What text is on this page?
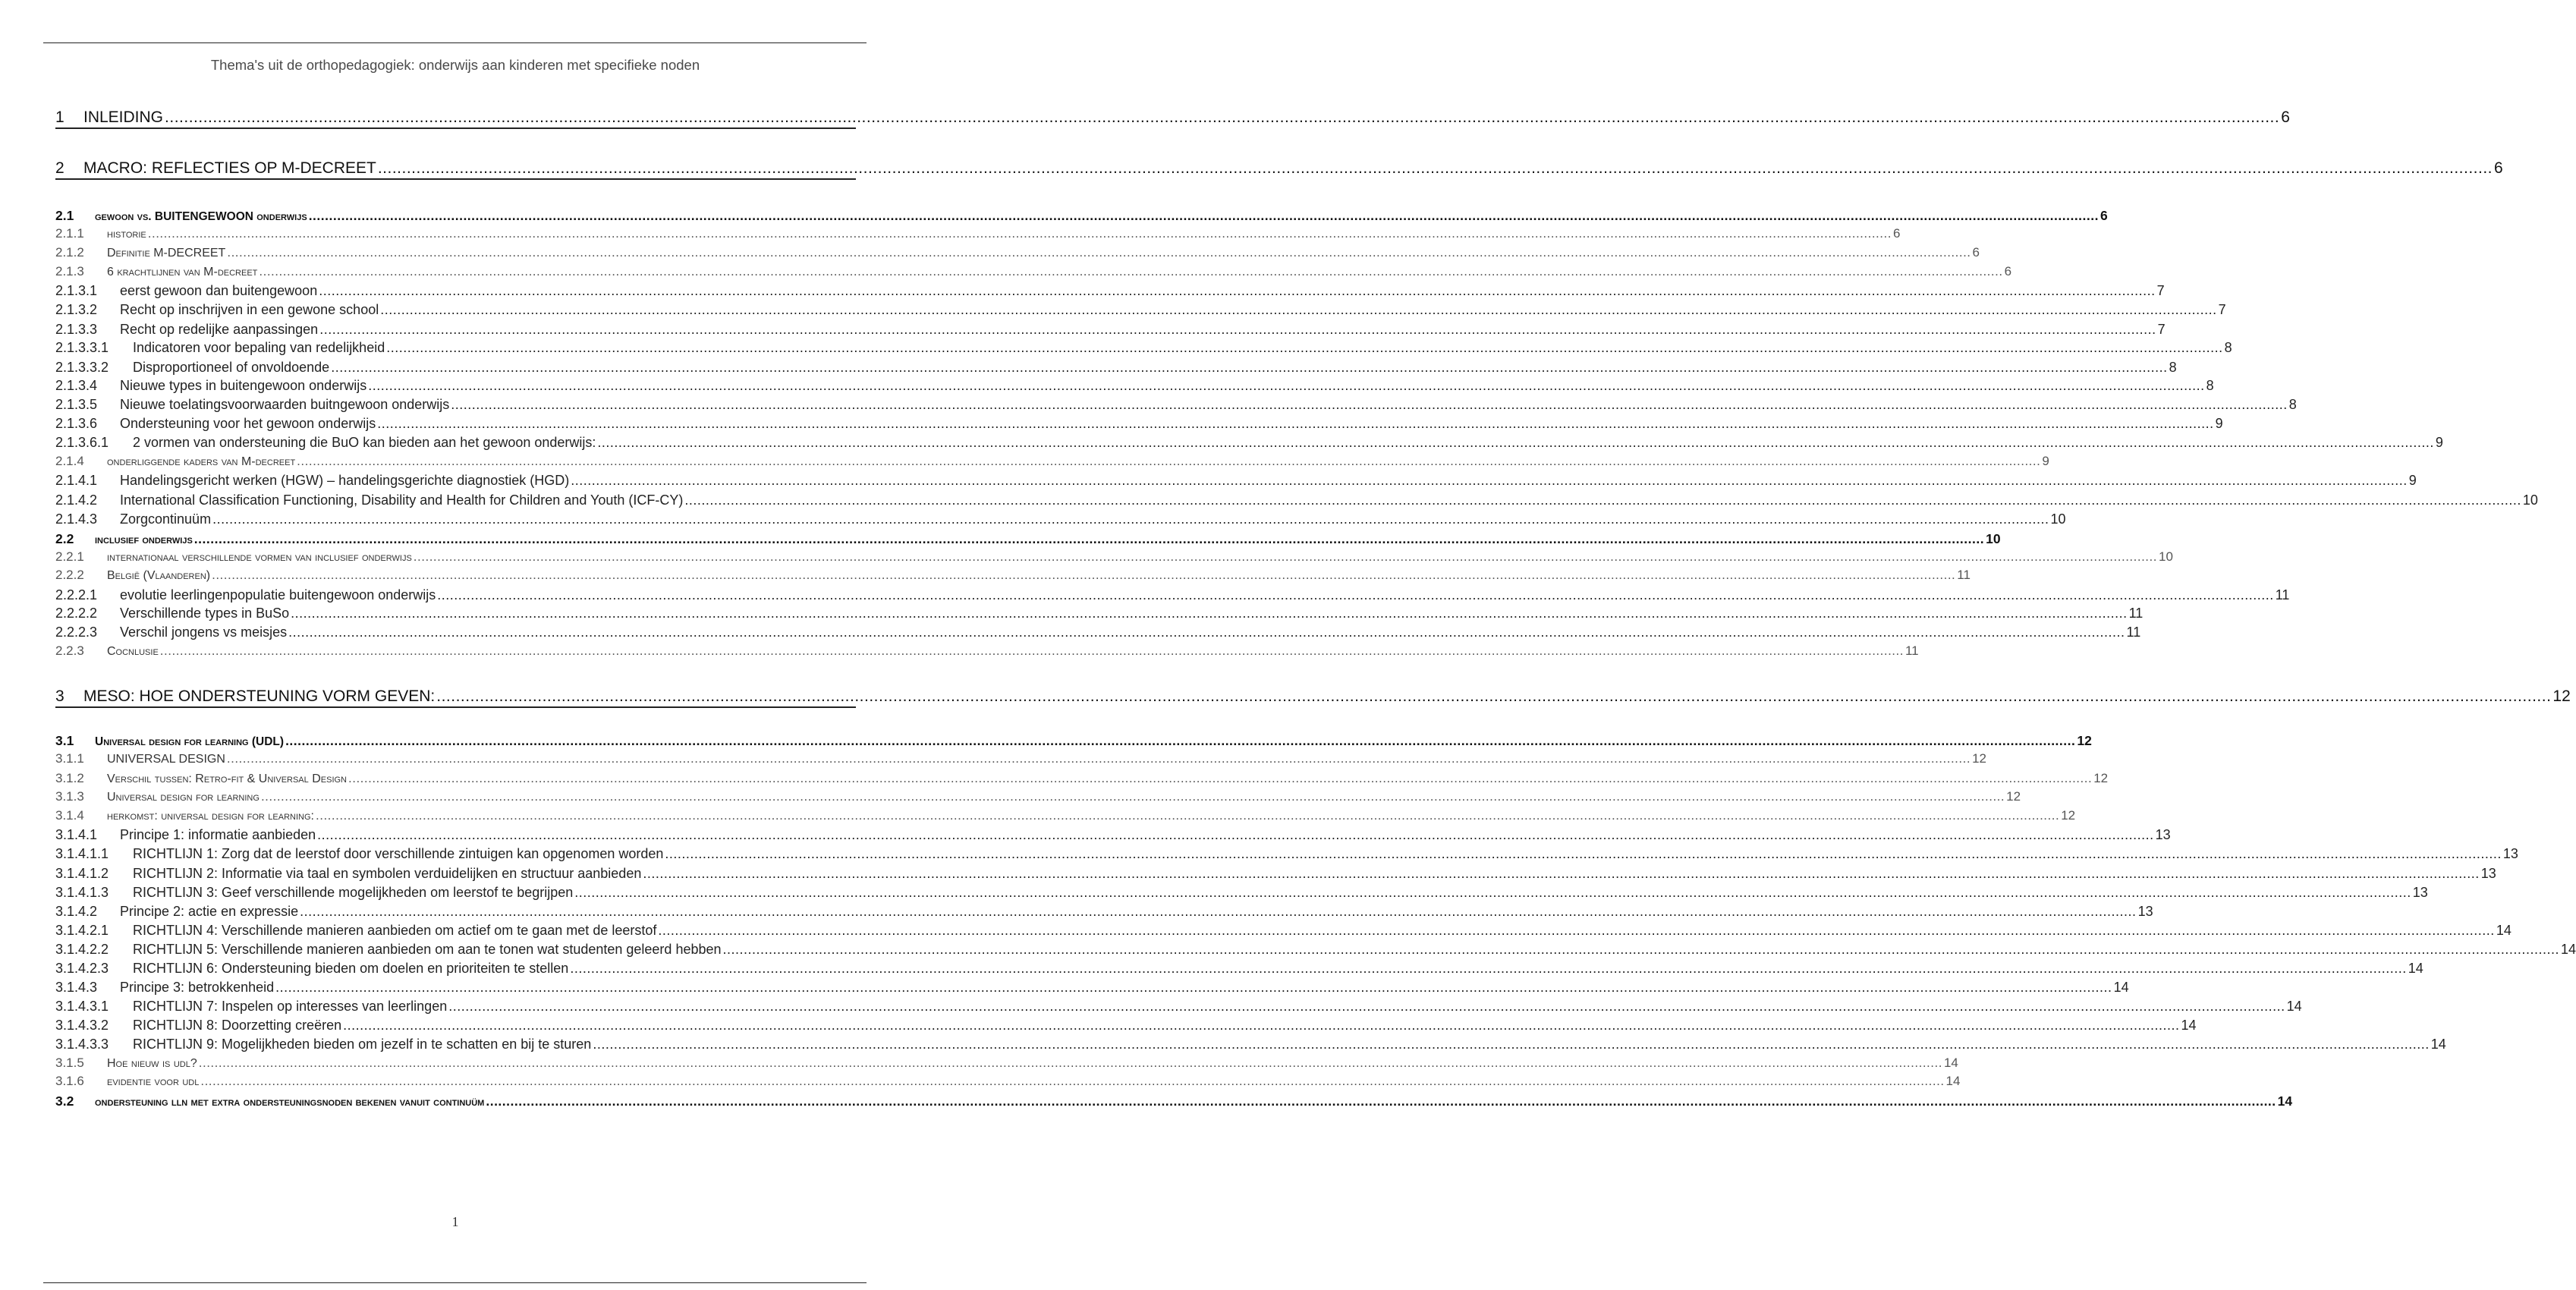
Thema's uit de orthopedagogiek: onderwijs aan kinderen met specifieke noden
1	INLEIDING .....	6
2	MACRO: REFLECTIES OP M-DECREET .....	6
2.1	gewoon vs. BUITENGEWOON onderwijs .....	6
2.1.1	historie .....	6
2.1.2	Definitie M-DECREET .....	6
2.1.3	6 krachtlijnen van M-decreet .....	6
2.1.3.1	eerst gewoon dan buitengewoon .....	7
2.1.3.2	Recht op inschrijven in een gewone school .....	7
2.1.3.3	Recht op redelijke aanpassingen .....	7
2.1.3.3.1	Indicatoren voor bepaling van redelijkheid .....	8
2.1.3.3.2	Disproportioneel of onvoldoende .....	8
2.1.3.4	Nieuwe types in buitengewoon onderwijs .....	8
2.1.3.5	Nieuwe toelatingsvoorwaarden buitngewoon onderwijs .....	8
2.1.3.6	Ondersteuning voor het gewoon onderwijs .....	9
2.1.3.6.1	2 vormen van ondersteuning die BuO kan bieden aan het gewoon onderwijs: .....	9
2.1.4	onderliggende kaders van M-decreet .....	9
2.1.4.1	Handelingsgericht werken (HGW) – handelingsgerichte diagnostiek (HGD) .....	9
2.1.4.2	International Classification Functioning, Disability and Health for Children and Youth (ICF-CY) .....	10
2.1.4.3	Zorgcontinuüm .....	10
2.2	inclusief onderwijs .....	10
2.2.1	internationaal verschillende vormen van inclusief onderwijs .....	10
2.2.2	België (Vlaanderen) .....	11
2.2.2.1	evolutie leerlingenpopulatie buitengewoon onderwijs .....	11
2.2.2.2	Verschillende types in BuSo .....	11
2.2.2.3	Verschil jongens vs meisjes .....	11
2.2.3	Cocnlusie .....	11
3	MESO: HOE ONDERSTEUNING VORM GEVEN: .....	12
3.1	Universal design for learning (UDL) .....	12
3.1.1	UNIVERSAL DESIGN .....	12
3.1.2	Verschil tussen: Retro-fit & Universal Design .....	12
3.1.3	Universal design for learning .....	12
3.1.4	herkomst: universal design for learning: .....	12
3.1.4.1	Principe 1: informatie aanbieden .....	13
3.1.4.1.1	RICHTLIJN 1: Zorg dat de leerstof door verschillende zintuigen kan opgenomen worden .....	13
3.1.4.1.2	RICHTLIJN 2: Informatie via taal en symbolen verduidelijken en structuur aanbieden .....	13
3.1.4.1.3	RICHTLIJN 3: Geef verschillende mogelijkheden om leerstof te begrijpen .....	13
3.1.4.2	Principe 2: actie en expressie .....	13
3.1.4.2.1	RICHTLIJN 4: Verschillende manieren aanbieden om actief om te gaan met de leerstof .....	14
3.1.4.2.2	RICHTLIJN 5: Verschillende manieren aanbieden om aan te tonen wat studenten geleerd hebben .....	14
3.1.4.2.3	RICHTLIJN 6: Ondersteuning bieden om doelen en prioriteiten te stellen .....	14
3.1.4.3	Principe 3: betrokkenheid .....	14
3.1.4.3.1	RICHTLIJN 7: Inspelen op interesses van leerlingen .....	14
3.1.4.3.2	RICHTLIJN 8: Doorzetting creëren .....	14
3.1.4.3.3	RICHTLIJN 9: Mogelijkheden bieden om jezelf in te schatten en bij te sturen .....	14
3.1.5	Hoe nieuw is udl? .....	14
3.1.6	evidentie voor udl .....	14
3.2	ondersteuning lln met extra ondersteuningsnoden bekenen vanuit continuüm .....	14
1
